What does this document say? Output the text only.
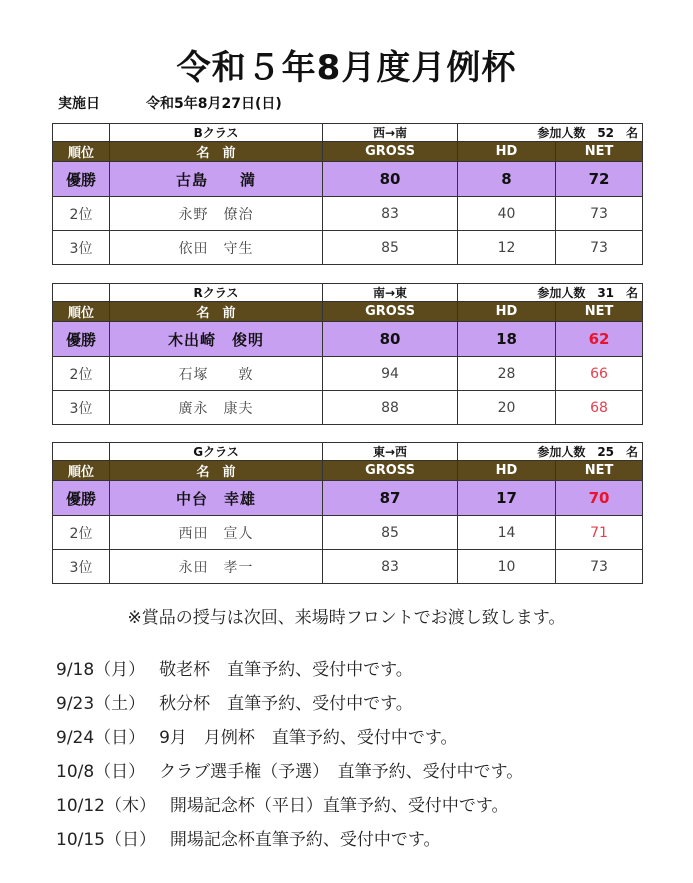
令和５年8月度月例杯
実施日	令和5年8月27日(日)
	Bクラス	西→南	参加人数　52　名	
順位	名　前	GROSS	HD	NET
優勝	古島　　満	80	8	72
2位	永野　僚治	83	40	73
3位	依田　守生	85	12	73
	Rクラス	南→東	参加人数　31　名	
順位	名　前	GROSS	HD	NET
優勝	木出崎　俊明	80	18	62
2位	石塚　　敦	94	28	66
3位	廣永　康夫	88	20	68
	Gクラス	東→西	参加人数　25　名	
順位	名　前	GROSS	HD	NET
優勝	中台　幸雄	87	17	70
2位	西田　宣人	85	14	71
3位	永田　孝一	83	10	73
※賞品の授与は次回、来場時フロントでお渡し致します。
9/18（月）　 敬老杯　直筆予約、受付中です。
9/23（土）　 秋分杯　直筆予約、受付中です。
9/24（日）　 9月　月例杯　直筆予約、受付中です。
10/8（日）　 クラブ選手権（予選）　直筆予約、受付中です。
10/12（木）　 開場記念杯（平日）直筆予約、受付中です。
10/15（日）　 開場記念杯直筆予約、受付中です。
